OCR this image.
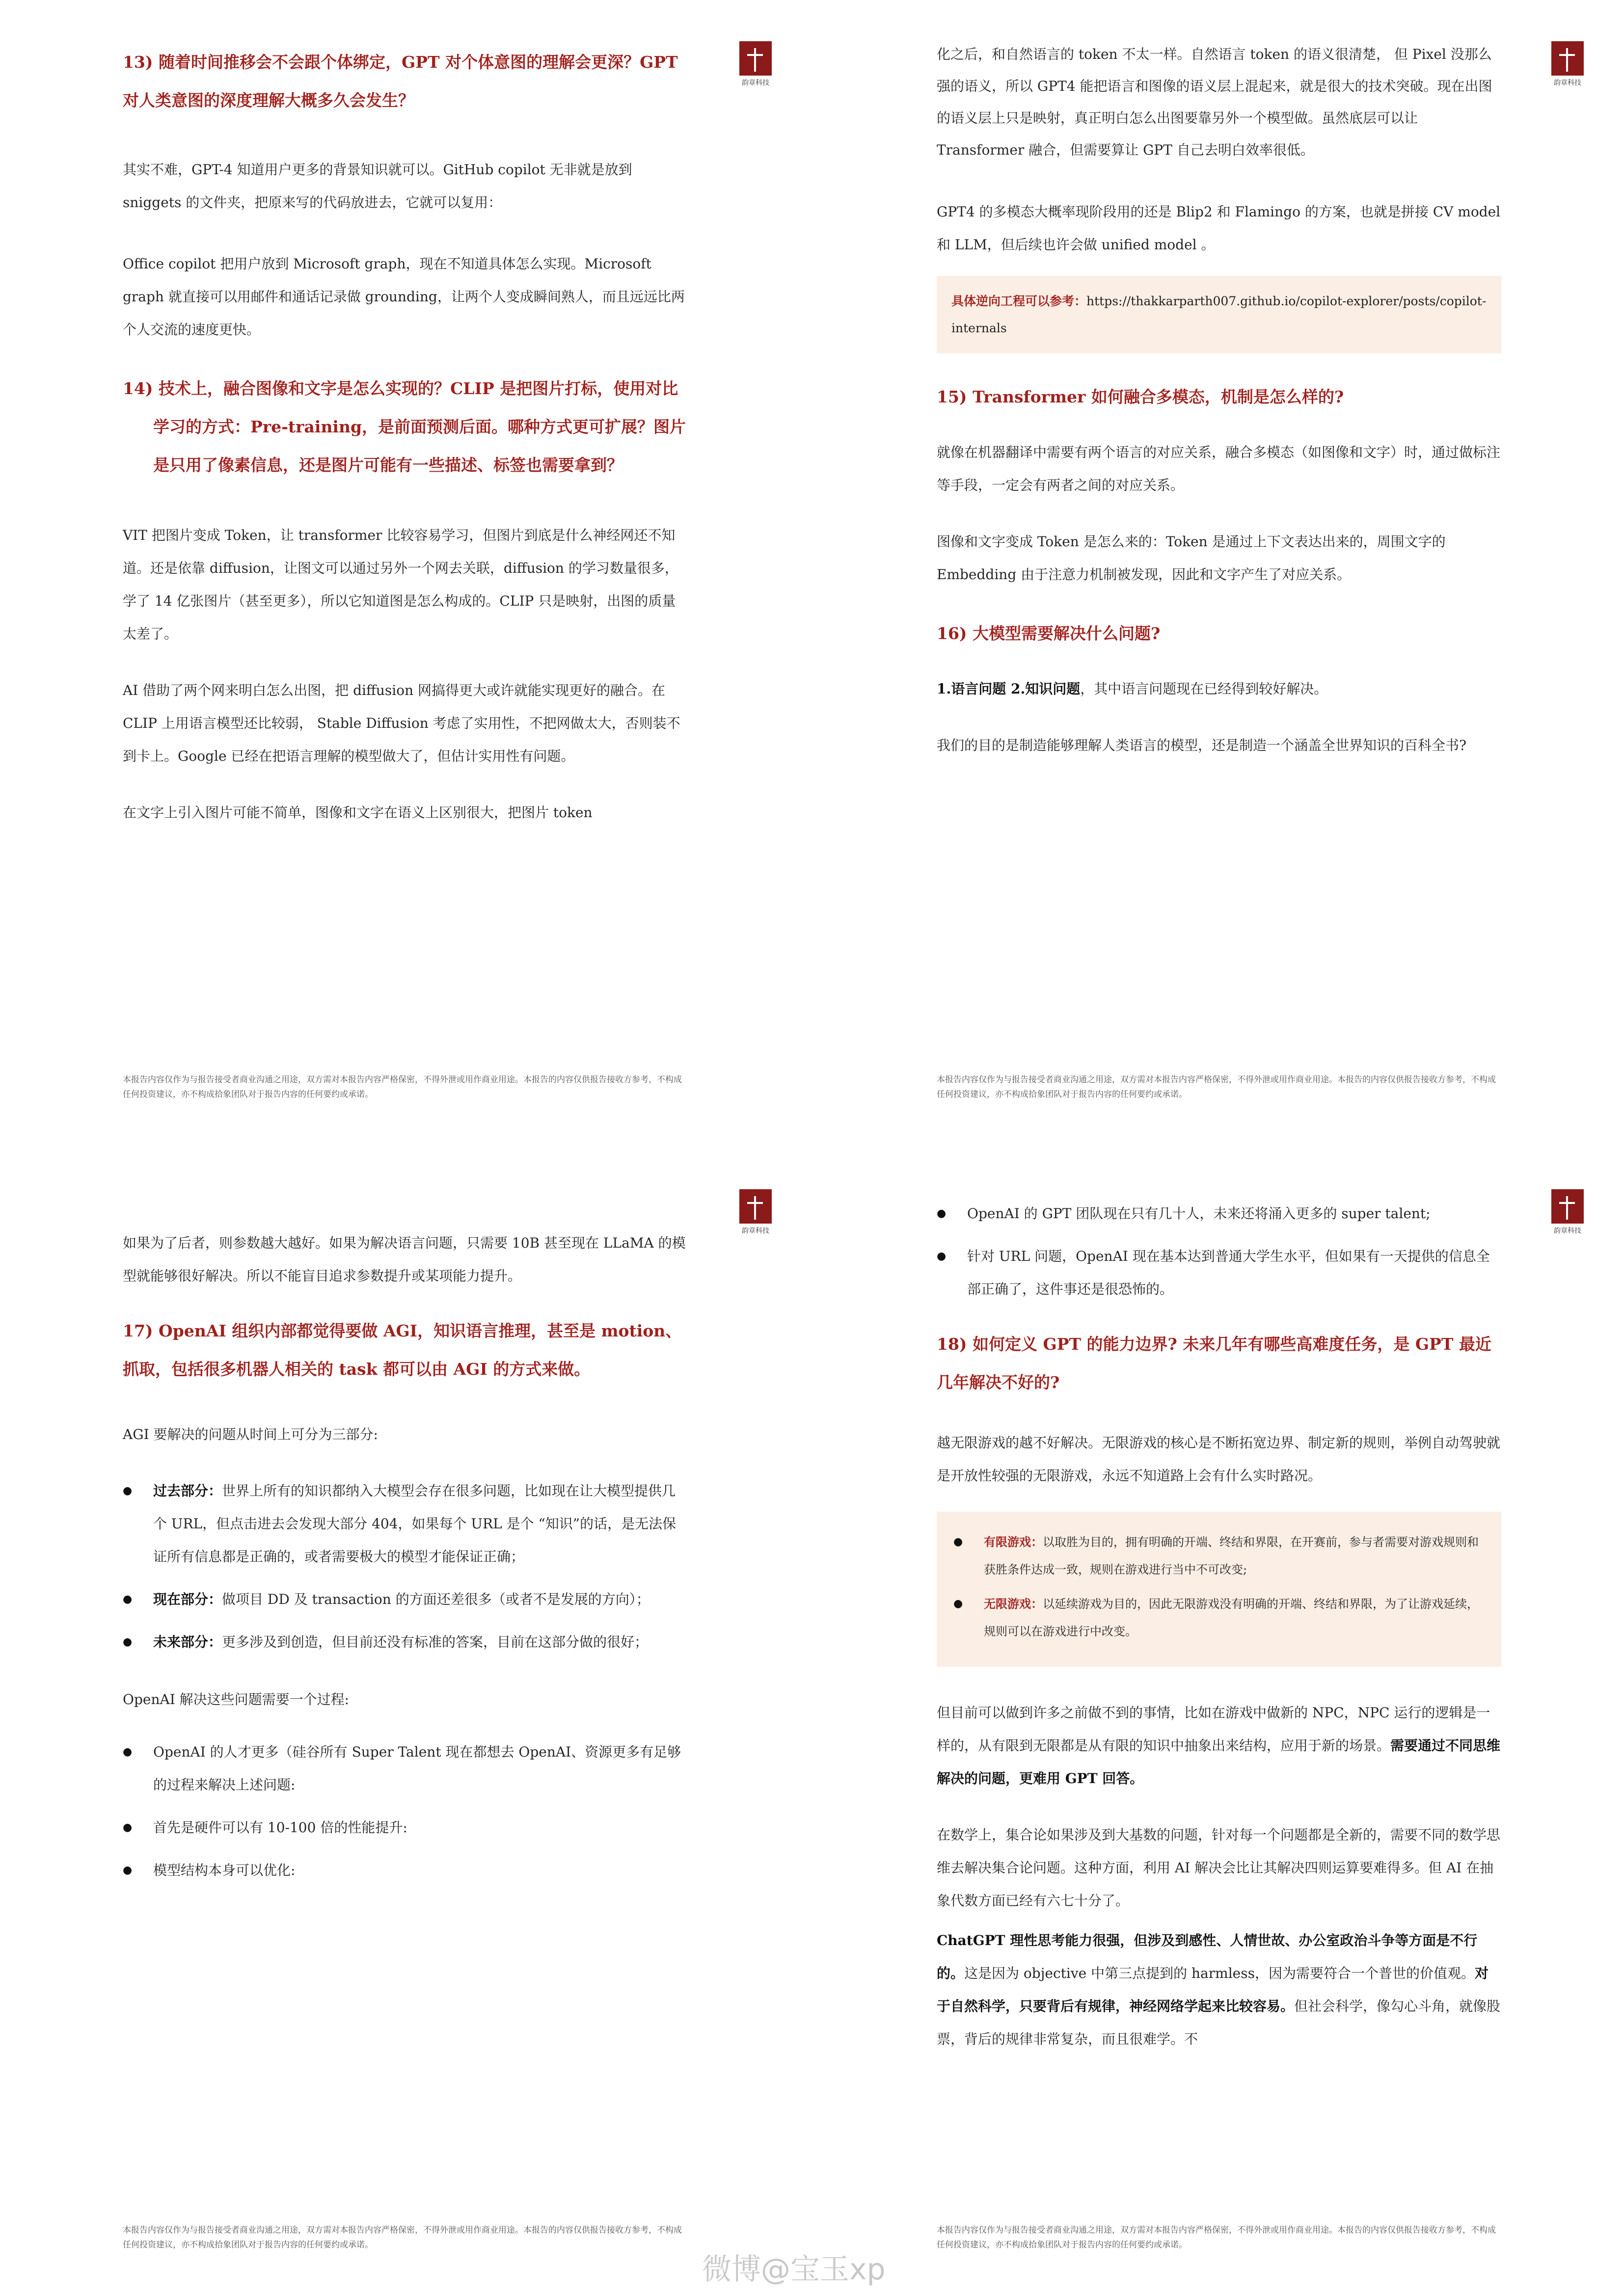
韵章科技
13) 随着时间推移会不会跟个体绑定，GPT 对个体意图的理解会更深？GPT 对人类意图的深度理解大概多久会发生？
其实不难，GPT-4 知道用户更多的背景知识就可以。GitHub copilot 无非就是放到 sniggets 的文件夹，把原来写的代码放进去，它就可以复用：
Office copilot 把用户放到 Microsoft graph，现在不知道具体怎么实现。Microsoft graph 就直接可以用邮件和通话记录做 grounding，让两个人变成瞬间熟人，而且远远比两个人交流的速度更快。
14) 技术上，融合图像和文字是怎么实现的？CLIP 是把图片打标，使用对比学习的方式：Pre-training，是前面预测后面。哪种方式更可扩展？图片是只用了像素信息，还是图片可能有一些描述、标签也需要拿到？
VIT 把图片变成 Token，让 transformer 比较容易学习，但图片到底是什么神经网还不知道。还是依靠 diffusion，让图文可以通过另外一个网去关联，diffusion 的学习数量很多，学了 14 亿张图片（甚至更多），所以它知道图是怎么构成的。CLIP 只是映射，出图的质量太差了。
AI 借助了两个网来明白怎么出图，把 diffusion 网搞得更大或许就能实现更好的融合。在 CLIP 上用语言模型还比较弱， Stable Diffusion 考虑了实用性，不把网做太大，否则装不到卡上。Google 已经在把语言理解的模型做大了，但估计实用性有问题。
在文字上引入图片可能不简单，图像和文字在语义上区别很大，把图片 token
本报告内容仅作为与报告接受者商业沟通之用途，双方需对本报告内容严格保密，不得外泄或用作商业用途。本报告的内容仅供报告接收方参考，不构成任何投资建议，亦不构成拾象团队对于报告内容的任何要约或承诺。
韵章科技
化之后，和自然语言的 token 不太一样。自然语言 token 的语义很清楚， 但 Pixel 没那么强的语义，所以 GPT4 能把语言和图像的语义层上混起来，就是很大的技术突破。现在出图的语义层上只是映射，真正明白怎么出图要靠另外一个模型做。虽然底层可以让 Transformer 融合，但需要算让 GPT 自己去明白效率很低。
GPT4 的多模态大概率现阶段用的还是 Blip2 和 Flamingo 的方案，也就是拼接 CV model 和 LLM，但后续也许会做 unified model 。
具体逆向工程可以参考：https://thakkarparth007.github.io/copilot-explorer/posts/copilot-internals
15) Transformer 如何融合多模态，机制是怎么样的?
就像在机器翻译中需要有两个语言的对应关系，融合多模态（如图像和文字）时，通过做标注等手段，一定会有两者之间的对应关系。
图像和文字变成 Token 是怎么来的：Token 是通过上下文表达出来的，周围文字的 Embedding 由于注意力机制被发现，因此和文字产生了对应关系。
16) 大模型需要解决什么问题?
1.语言问题 2.知识问题，其中语言问题现在已经得到较好解决。
我们的目的是制造能够理解人类语言的模型，还是制造一个涵盖全世界知识的百科全书?
本报告内容仅作为与报告接受者商业沟通之用途，双方需对本报告内容严格保密，不得外泄或用作商业用途。本报告的内容仅供报告接收方参考，不构成任何投资建议，亦不构成拾象团队对于报告内容的任何要约或承诺。
韵章科技
如果为了后者，则参数越大越好。如果为解决语言问题，只需要 10B 甚至现在 LLaMA 的模型就能够很好解决。所以不能盲目追求参数提升或某项能力提升。
17) OpenAI 组织内部都觉得要做 AGI，知识语言推理，甚至是 motion、抓取，包括很多机器人相关的 task 都可以由 AGI 的方式来做。
AGI 要解决的问题从时间上可分为三部分:
● 过去部分：世界上所有的知识都纳入大模型会存在很多问题，比如现在让大模型提供几个 URL，但点击进去会发现大部分 404，如果每个 URL 是个 “知识”的话，是无法保证所有信息都是正确的，或者需要极大的模型才能保证正确；
● 现在部分：做项目 DD 及 transaction 的方面还差很多（或者不是发展的方向）；
● 未来部分：更多涉及到创造，但目前还没有标准的答案，目前在这部分做的很好；
OpenAI 解决这些问题需要一个过程:
● OpenAI 的人才更多（硅谷所有 Super Talent 现在都想去 OpenAI、资源更多有足够的过程来解决上述问题:
● 首先是硬件可以有 10-100 倍的性能提升:
● 模型结构本身可以优化:
本报告内容仅作为与报告接受者商业沟通之用途，双方需对本报告内容严格保密，不得外泄或用作商业用途。本报告的内容仅供报告接收方参考，不构成任何投资建议，亦不构成拾象团队对于报告内容的任何要约或承诺。
韵章科技
● OpenAI 的 GPT 团队现在只有几十人，未来还将涌入更多的 super talent;
● 针对 URL 问题，OpenAI 现在基本达到普通大学生水平，但如果有一天提供的信息全部正确了，这件事还是很恐怖的。
18) 如何定义 GPT 的能力边界? 未来几年有哪些高难度任务，是 GPT 最近几年解决不好的?
越无限游戏的越不好解决。无限游戏的核心是不断拓宽边界、制定新的规则，举例自动驾驶就是开放性较强的无限游戏，永远不知道路上会有什么实时路况。
● 有限游戏：以取胜为目的，拥有明确的开端、终结和界限，在开赛前，参与者需要对游戏规则和获胜条件达成一致，规则在游戏进行当中不可改变;
● 无限游戏：以延续游戏为目的，因此无限游戏没有明确的开端、终结和界限，为了让游戏延续，规则可以在游戏进行中改变。
但目前可以做到许多之前做不到的事情，比如在游戏中做新的 NPC，NPC 运行的逻辑是一样的，从有限到无限都是从有限的知识中抽象出来结构，应用于新的场景。需要通过不同思维解决的问题，更难用 GPT 回答。
在数学上，集合论如果涉及到大基数的问题，针对每一个问题都是全新的，需要不同的数学思维去解决集合论问题。这种方面，利用 AI 解决会比让其解决四则运算要难得多。但 AI 在抽象代数方面已经有六七十分了。
ChatGPT 理性思考能力很强，但涉及到感性、人情世故、办公室政治斗争等方面是不行的。这是因为 objective 中第三点提到的 harmless，因为需要符合一个普世的价值观。对于自然科学，只要背后有规律，神经网络学起来比较容易。但社会科学，像勾心斗角，就像股票，背后的规律非常复杂，而且很难学。不
本报告内容仅作为与报告接受者商业沟通之用途，双方需对本报告内容严格保密，不得外泄或用作商业用途。本报告的内容仅供报告接收方参考，不构成任何投资建议，亦不构成拾象团队对于报告内容的任何要约或承诺。
微博@宝玉xp
